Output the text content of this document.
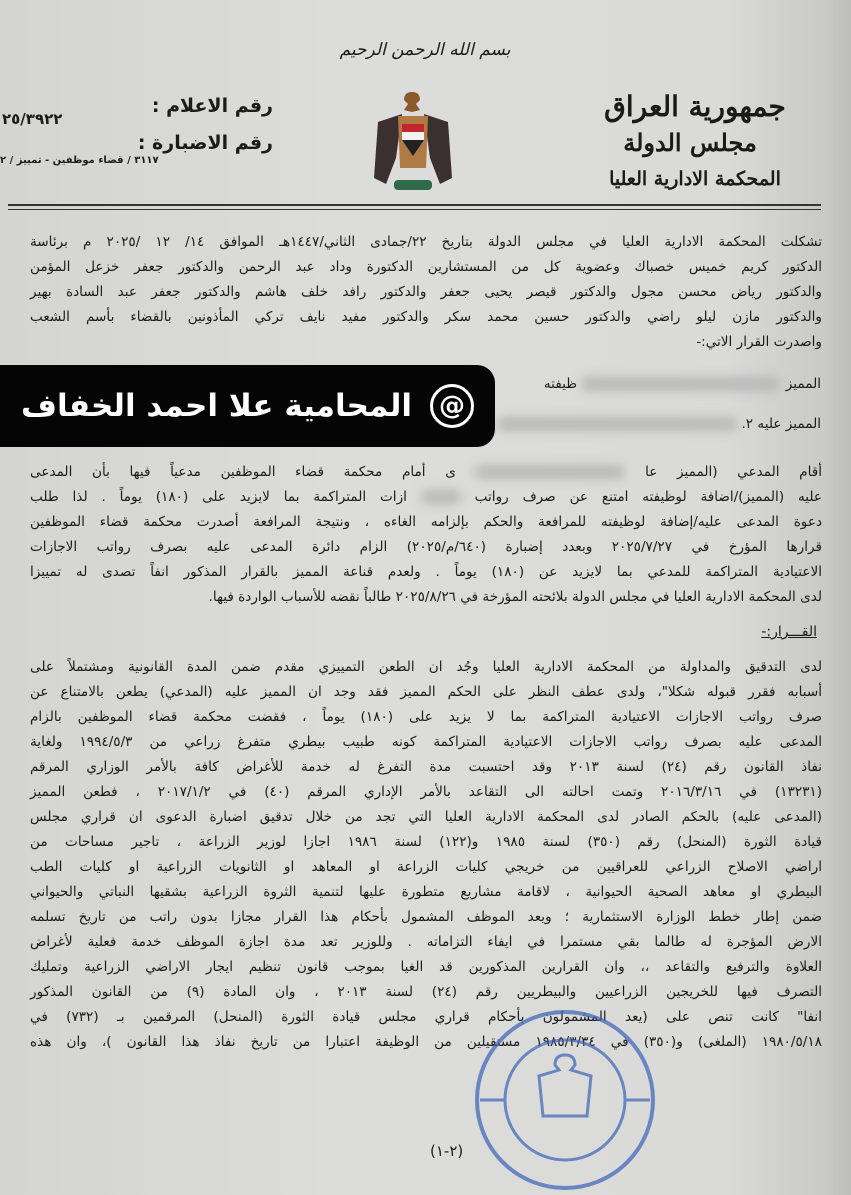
بسم الله الرحمن الرحيم
جمهورية العراق
مجلس الدولة
المحكمة الادارية العليا
رقم الاعلام :
٢٥/٣٩٢٢
رقم الاضبارة :
٣١١٧ / قضاء موظفين - تمييز / ٢
تشكلت المحكمة الادارية العليا في مجلس الدولة بتاريخ ٢٢/جمادى الثاني/١٤٤٧هـ الموافق ١٤/ ١٢ /٢٠٢٥ م برئاسة
الدكتور كريم خميس خصباك وعضوية كل من المستشارين الدكتورة وداد عبد الرحمن والدكتور جعفر خزعل المؤمن
والدكتور رياض محسن مجول والدكتور قيصر يحيى جعفر والدكتور رافد خلف هاشم والدكتور جعفر عبد السادة بهير
والدكتور مازن ليلو راضي والدكتور حسين محمد سكر والدكتور مفيد نايف تركي المأذونين بالقضاء بأسم الشعب
واصدرت القرار الاتي:-
المميز  ظيفته
المميز عليه ٢.
@
المحامية علا احمد الخفاف
أقام المدعي (المميز عا  ى أمام محكمة قضاء الموظفين مدعياً فيها بأن المدعى
عليه (المميز)/اضافة لوظيفته امتنع عن صرف رواتب  ازات المتراكمة بما لايزيد على (١٨٠) يوماً . لذا طلب
دعوة المدعى عليه/إضافة لوظيفته للمرافعة والحكم بإلزامه الغاءه ، ونتيجة المرافعة أصدرت محكمة قضاء الموظفين
قرارها المؤرخ في ٢٠٢٥/٧/٢٧ وبعدد إضبارة (٦٤٠/م/٢٠٢٥) الزام دائرة المدعى عليه بصرف رواتب الاجازات
الاعتيادية المتراكمة للمدعي بما لايزيد عن (١٨٠) يوماً . ولعدم قناعة المميز بالقرار المذكور انفاً تصدى له تمييزا
لدى المحكمة الادارية العليا في مجلس الدولة بلائحته المؤرخة في ٢٠٢٥/٨/٢٦ طالباً نقضه للأسباب الواردة فيها.
القـــرار:-
لدى التدقيق والمداولة من المحكمة الادارية العليا وجُد ان الطعن التمييزي مقدم ضمن المدة القانونية ومشتملاً على
أسبابه فقرر قبوله شكلا"، ولدى عطف النظر على الحكم المميز فقد وجد ان المميز عليه (المدعي) يطعن بالامتناع عن
صرف رواتب الاجازات الاعتيادية المتراكمة بما لا يزيد على (١٨٠) يوماً ، فقضت محكمة قضاء الموظفين بالزام
المدعى عليه بصرف رواتب الاجازات الاعتيادية المتراكمة كونه طبيب بيطري متفرغ زراعي من ١٩٩٤/٥/٣ ولغاية
نفاذ القانون رقم (٢٤) لسنة ٢٠١٣ وقد احتسبت مدة التفرغ له خدمة للأغراض كافة بالأمر الوزاري المرقم
(١٣٢٣١) في ٢٠١٦/٣/١٦ وتمت احالته الى التقاعد بالأمر الإداري المرقم (٤٠) في ٢٠١٧/١/٢ ، فطعن المميز
(المدعى عليه) بالحكم الصادر لدى المحكمة الادارية العليا التي تجد من خلال تدقيق اضبارة الدعوى ان قراري مجلس
قيادة الثورة (المنحل) رقم (٣٥٠) لسنة ١٩٨٥ و(١٢٢) لسنة ١٩٨٦ اجازا لوزير الزراعة ، تاجير مساحات من
اراضي الاصلاح الزراعي للعراقيين من خريجي كليات الزراعة او المعاهد او الثانويات الزراعية او كليات الطب
البيطري او معاهد الصحية الحيوانية ، لاقامة مشاريع متطورة عليها لتنمية الثروة الزراعية بشقيها النباتي والحيواني
ضمن إطار خطط الوزارة الاستثمارية ؛ ويعد الموظف المشمول بأحكام هذا القرار مجازا بدون راتب من تاريخ تسلمه
الارض المؤجرة له طالما بقي مستمرا في ايفاء التزاماته . وللوزير تعد مدة اجازة الموظف خدمة فعلية لأغراض
العلاوة والترفيع والتقاعد ،، وان القرارين المذكورين قد الغيا بموجب قانون تنظيم ايجار الاراضي الزراعية وتمليك
التصرف فيها للخريجين الزراعيين والبيطريين رقم (٢٤) لسنة ٢٠١٣ ، وان المادة (٩) من القانون المذكور
انفا" كانت تنص على (يعد المشمولون بأحكام قراري مجلس قيادة الثورة (المنحل) المرقمين بـ (٧٣٢) في
١٩٨٠/٥/١٨ (الملغى) و(٣٥٠) في ١٩٨٥/٣/٣٤ مستقيلين من الوظيفة اعتبارا من تاريخ نفاذ هذا القانون )، وان هذه
(٢-١)
